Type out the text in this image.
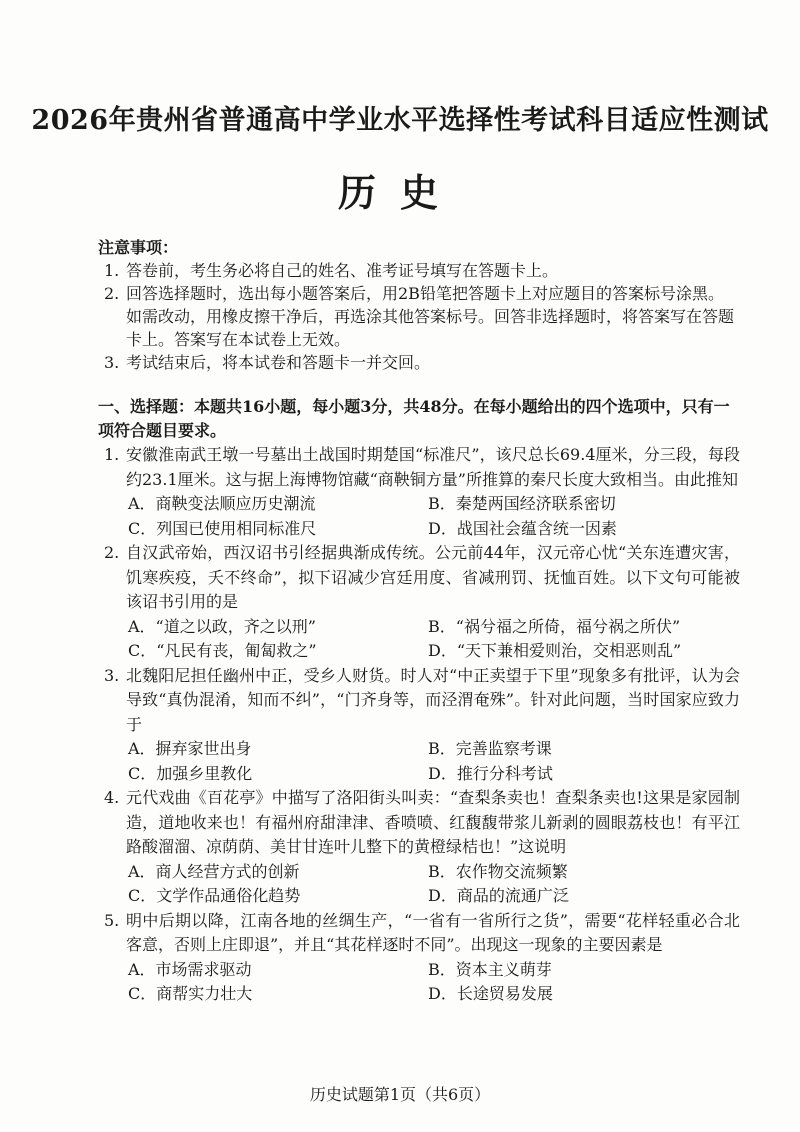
2026年贵州省普通高中学业水平选择性考试科目适应性测试
历史
注意事项：
1. 答卷前，考生务必将自己的姓名、准考证号填写在答题卡上。
2. 回答选择题时，选出每小题答案后，用2B铅笔把答题卡上对应题目的答案标号涂黑。如需改动，用橡皮擦干净后，再选涂其他答案标号。回答非选择题时，将答案写在答题卡上。答案写在本试卷上无效。
3. 考试结束后，将本试卷和答题卡一并交回。
一、选择题：本题共16小题，每小题3分，共48分。在每小题给出的四个选项中，只有一项符合题目要求。
1. 安徽淮南武王墩一号墓出土战国时期楚国“标准尺”，该尺总长69.4厘米，分三段，每段约23.1厘米。这与据上海博物馆藏“商鞅铜方量”所推算的秦尺长度大致相当。由此推知
A．商鞅变法顺应历史潮流	B．秦楚两国经济联系密切
C．列国已使用相同标准尺	D．战国社会蕴含统一因素
2. 自汉武帝始，西汉诏书引经据典渐成传统。公元前44年，汉元帝心忧“关东连遭灾害，饥寒疾疫，夭不终命”，拟下诏减少宫廷用度、省减刑罚、抚恤百姓。以下文句可能被该诏书引用的是
A．“道之以政，齐之以刑”	B．“祸兮福之所倚，福兮祸之所伏”
C．“凡民有丧，匍匐救之”	D．“天下兼相爱则治，交相恶则乱”
3. 北魏阳尼担任幽州中正，受乡人财货。时人对“中正卖望于下里”现象多有批评，认为会导致“真伪混淆，知而不纠”，“门齐身等，而泾渭奄殊”。针对此问题，当时国家应致力于
A．摒弃家世出身	B．完善监察考课
C．加强乡里教化	D．推行分科考试
4. 元代戏曲《百花亭》中描写了洛阳街头叫卖：“查梨条卖也！查梨条卖也!这果是家园制造，道地收来也！有福州府甜津津、香喷喷、红馥馥带浆儿新剥的圆眼荔枝也！有平江路酸溜溜、凉荫荫、美甘甘连叶儿整下的黄橙绿桔也！”这说明
A．商人经营方式的创新	B．农作物交流频繁
C．文学作品通俗化趋势	D．商品的流通广泛
5. 明中后期以降，江南各地的丝绸生产，“一省有一省所行之货”，需要“花样轻重必合北客意，否则上庄即退”，并且“其花样逐时不同”。出现这一现象的主要因素是
A．市场需求驱动	B．资本主义萌芽
C．商帮实力壮大	D．长途贸易发展
历史试题第1页（共6页）
